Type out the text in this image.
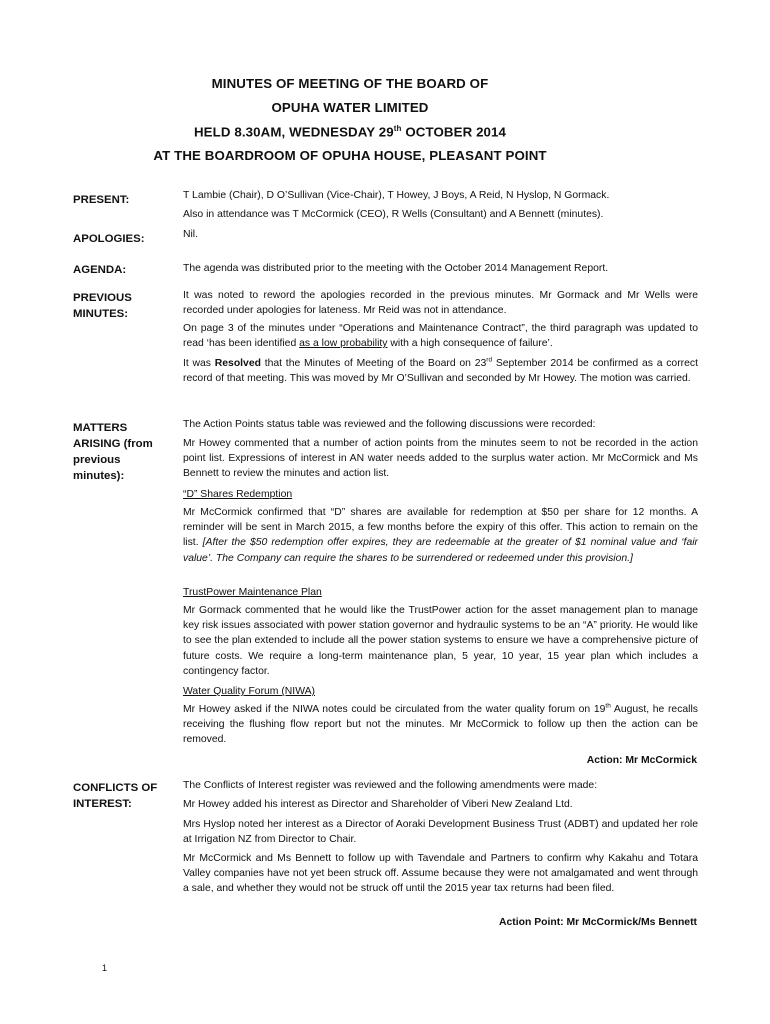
MINUTES OF MEETING OF THE BOARD OF

OPUHA WATER LIMITED

HELD 8.30AM, WEDNESDAY 29th OCTOBER 2014

AT THE BOARDROOM OF OPUHA HOUSE, PLEASANT POINT

PRESENT:	T Lambie (Chair), D O’Sullivan (Vice-Chair), T Howey, J Boys, A Reid, N Hyslop, N Gormack.

Also in attendance was T McCormick (CEO), R Wells (Consultant) and A Bennett (minutes).

APOLOGIES:	Nil.

AGENDA:	The agenda was distributed prior to the meeting with the October 2014 Management Report.

PREVIOUS
MINUTES:

It was noted to reword the apologies recorded in the previous minutes. Mr Gormack and Mr Wells were recorded under apologies for lateness. Mr Reid was not in attendance.

On page 3 of the minutes under “Operations and Maintenance Contract”, the third paragraph was updated to read ‘has been identified as a low probability with a high consequence of failure’.

It was Resolved that the Minutes of Meeting of the Board on 23rd September 2014 be confirmed as a correct record of that meeting. This was moved by Mr O’Sullivan and seconded by Mr Howey. The motion was carried.

MATTERS
ARISING (from
previous
minutes):

The Action Points status table was reviewed and the following discussions were recorded:

Mr Howey commented that a number of action points from the minutes seem to not be recorded in the action point list. Expressions of interest in AN water needs added to the surplus water action. Mr McCormick and Ms Bennett to review the minutes and action list.

“D” Shares Redemption

Mr McCormick confirmed that “D” shares are available for redemption at $50 per share for 12 months. A reminder will be sent in March 2015, a few months before the expiry of this offer. This action to remain on the list. [After the $50 redemption offer expires, they are redeemable at the greater of $1 nominal value and ‘fair value’. The Company can require the shares to be surrendered or redeemed under this provision.]

TrustPower Maintenance Plan

Mr Gormack commented that he would like the TrustPower action for the asset management plan to manage key risk issues associated with power station governor and hydraulic systems to be an “A” priority. He would like to see the plan extended to include all the power station systems to ensure we have a comprehensive picture of future costs. We require a long-term maintenance plan, 5 year, 10 year, 15 year plan which includes a contingency factor.

Water Quality Forum (NIWA)

Mr Howey asked if the NIWA notes could be circulated from the water quality forum on 19th August, he recalls receiving the flushing flow report but not the minutes. Mr McCormick to follow up then the action can be removed.

Action: Mr McCormick

CONFLICTS OF
INTEREST:

The Conflicts of Interest register was reviewed and the following amendments were made:

Mr Howey added his interest as Director and Shareholder of Viberi New Zealand Ltd.

Mrs Hyslop noted her interest as a Director of Aoraki Development Business Trust (ADBT) and updated her role at Irrigation NZ from Director to Chair.

Mr McCormick and Ms Bennett to follow up with Tavendale and Partners to confirm why Kakahu and Totara Valley companies have not yet been struck off. Assume because they were not amalgamated and went through a sale, and whether they would not be struck off until the 2015 year tax returns had been filed.

Action Point: Mr McCormick/Ms Bennett

1
